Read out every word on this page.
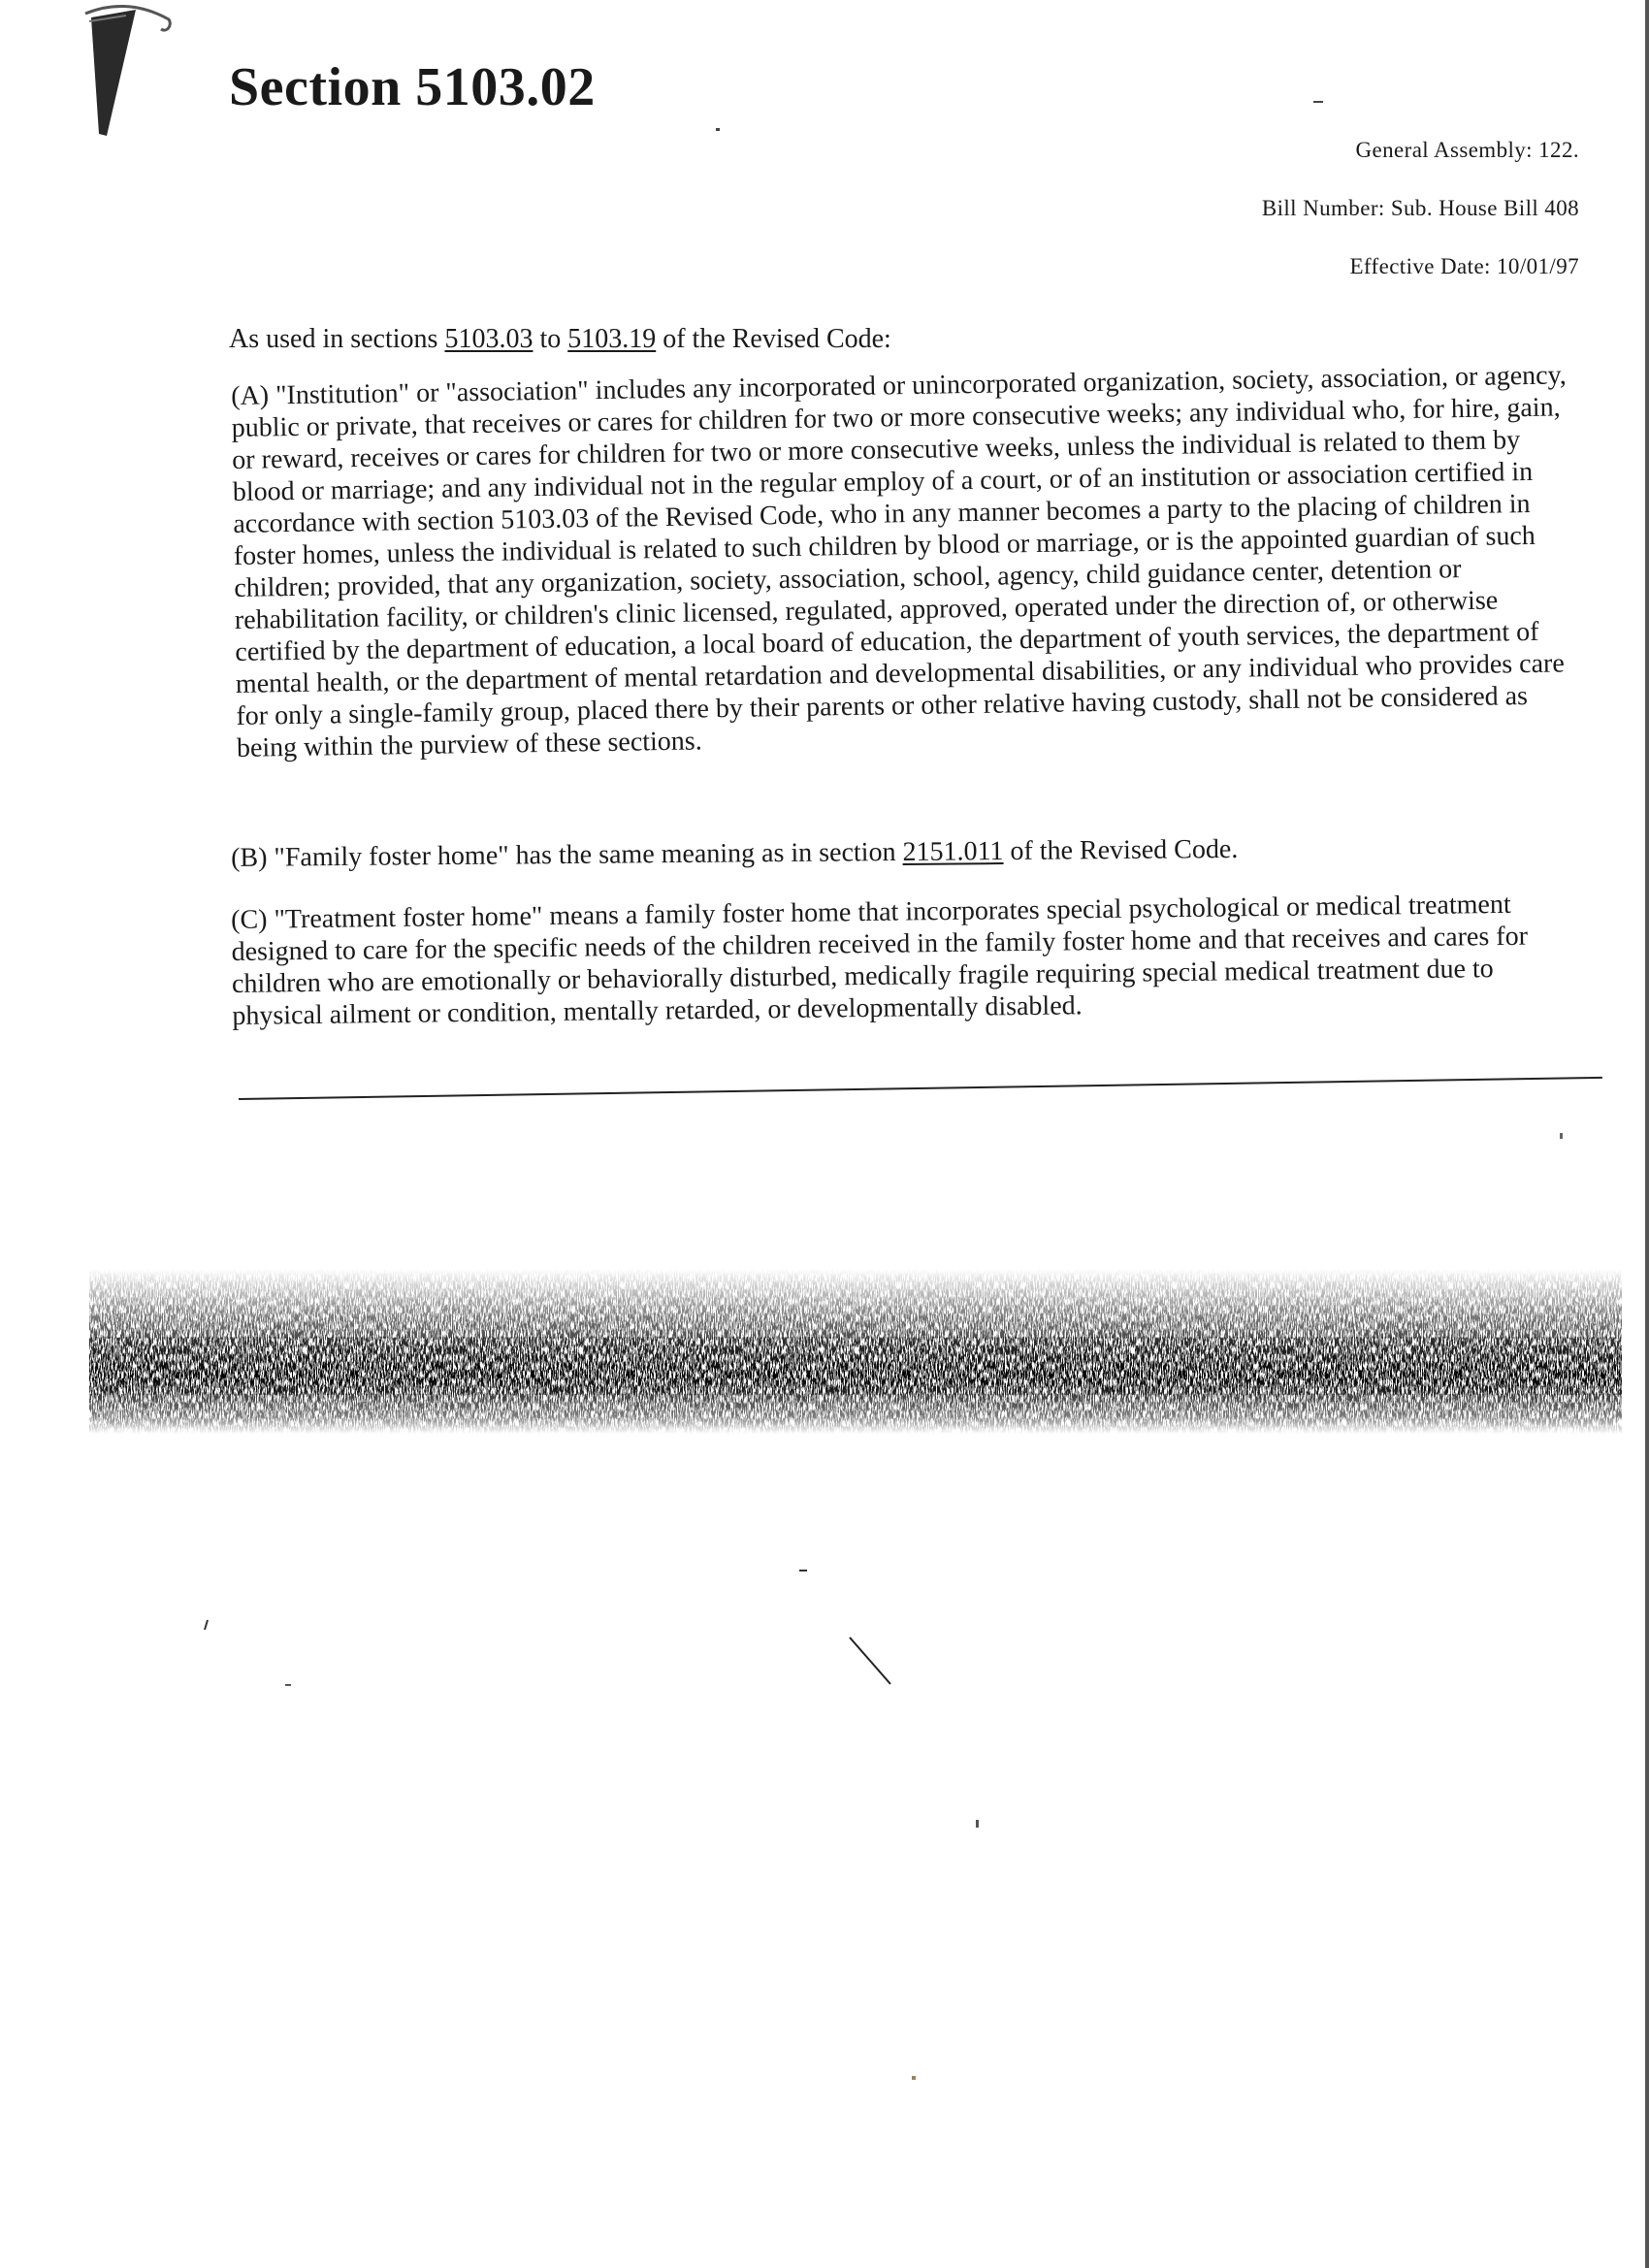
Section 5103.02
General Assembly: 122.
Bill Number: Sub. House Bill 408
Effective Date: 10/01/97

As used in sections 5103.03 to 5103.19 of the Revised Code:

(A) "Institution" or "association" includes any incorporated or unincorporated organization, society, association, or agency, public or private, that receives or cares for children for two or more consecutive weeks; any individual who, for hire, gain, or reward, receives or cares for children for two or more consecutive weeks, unless the individual is related to them by blood or marriage; and any individual not in the regular employ of a court, or of an institution or association certified in accordance with section 5103.03 of the Revised Code, who in any manner becomes a party to the placing of children in foster homes, unless the individual is related to such children by blood or marriage, or is the appointed guardian of such children; provided, that any organization, society, association, school, agency, child guidance center, detention or rehabilitation facility, or children's clinic licensed, regulated, approved, operated under the direction of, or otherwise certified by the department of education, a local board of education, the department of youth services, the department of mental health, or the department of mental retardation and developmental disabilities, or any individual who provides care for only a single-family group, placed there by their parents or other relative having custody, shall not be considered as being within the purview of these sections.

(B) "Family foster home" has the same meaning as in section 2151.011 of the Revised Code.

(C) "Treatment foster home" means a family foster home that incorporates special psychological or medical treatment designed to care for the specific needs of the children received in the family foster home and that receives and cares for children who are emotionally or behaviorally disturbed, medically fragile requiring special medical treatment due to physical ailment or condition, mentally retarded, or developmentally disabled.
